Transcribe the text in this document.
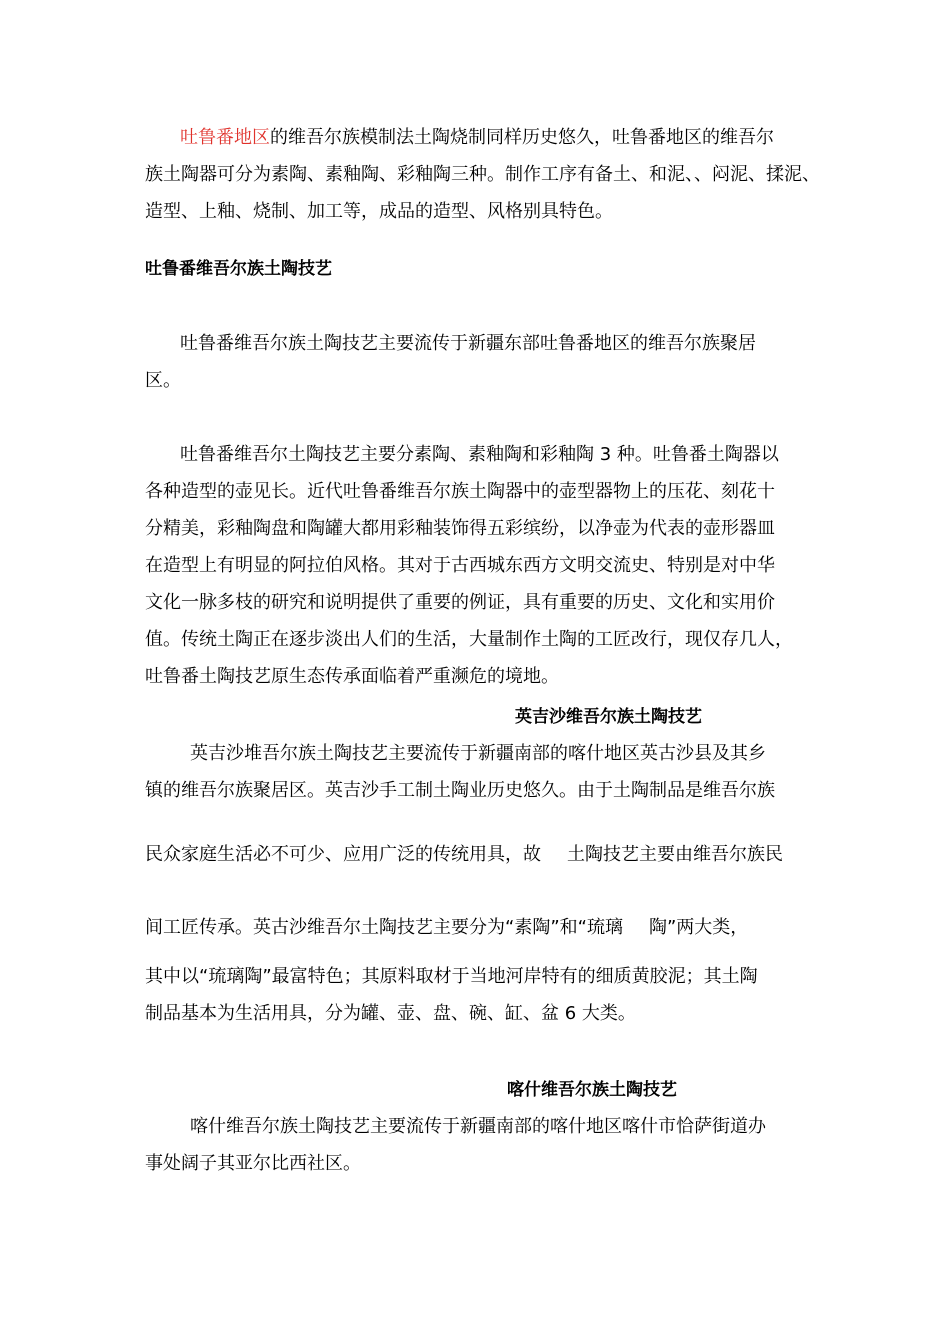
吐鲁番地区的维吾尔族模制法土陶烧制同样历史悠久，吐鲁番地区的维吾尔
族土陶器可分为素陶、素釉陶、彩釉陶三种。制作工序有备土、和泥、、闷泥、揉泥、
造型、上釉、烧制、加工等，成品的造型、风格别具特色。
吐鲁番维吾尔族土陶技艺
吐鲁番维吾尔族土陶技艺主要流传于新疆东部吐鲁番地区的维吾尔族聚居
区。
吐鲁番维吾尔土陶技艺主要分素陶、素釉陶和彩釉陶 3 种。吐鲁番土陶器以
各种造型的壶见长。近代吐鲁番维吾尔族土陶器中的壶型器物上的压花、刻花十
分精美，彩釉陶盘和陶罐大都用彩釉装饰得五彩缤纷，以净壶为代表的壶形器皿
在造型上有明显的阿拉伯风格。其对于古西城东西方文明交流史、特别是对中华
文化一脉多枝的研究和说明提供了重要的例证，具有重要的历史、文化和实用价
值。传统土陶正在逐步淡出人们的生活，大量制作土陶的工匠改行，现仅存几人，
吐鲁番土陶技艺原生态传承面临着严重濒危的境地。
英吉沙维吾尔族土陶技艺
英吉沙堆吾尔族土陶技艺主要流传于新疆南部的喀什地区英古沙县及其乡
镇的维吾尔族聚居区。英吉沙手工制土陶业历史悠久。由于土陶制品是维吾尔族
民众家庭生活必不可少、应用广泛的传统用具，故 土陶技艺主要由维吾尔族民
间工匠传承。英古沙维吾尔土陶技艺主要分为“素陶”和“琉璃 陶”两大类，
其中以“琉璃陶”最富特色；其原料取材于当地河岸特有的细质黄胶泥；其土陶
制品基本为生活用具，分为罐、壶、盘、碗、缸、盆 6 大类。
喀什维吾尔族土陶技艺
喀什维吾尔族土陶技艺主要流传于新疆南部的喀什地区喀什市恰萨街道办
事处阔子其亚尔比西社区。
